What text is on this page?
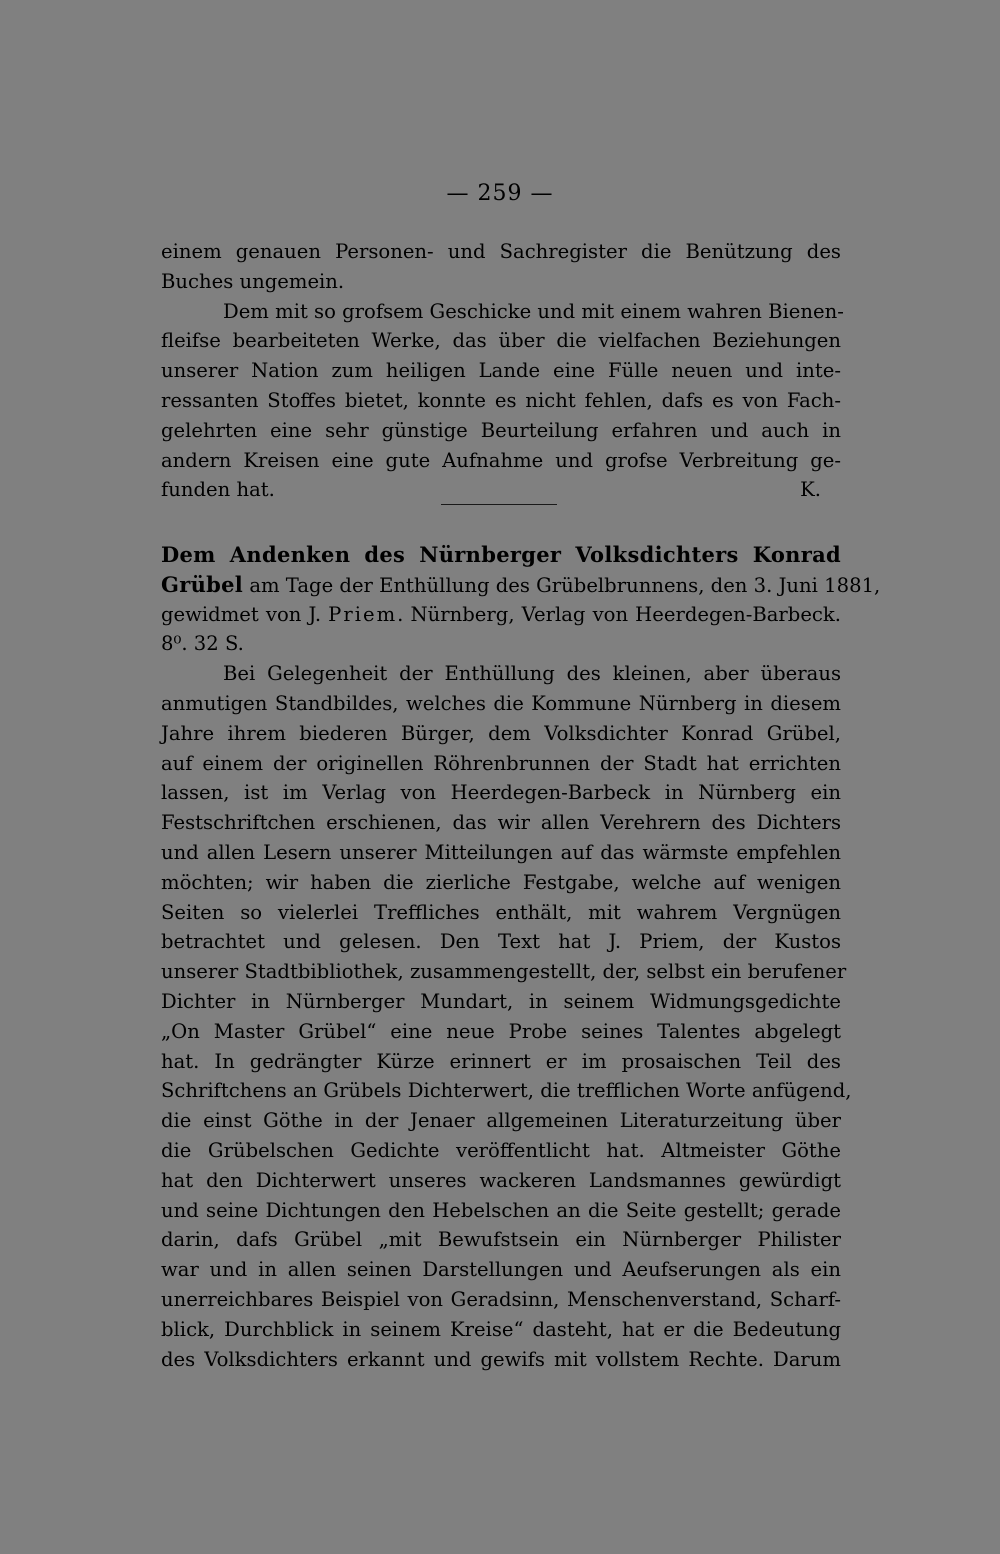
— 259 —
einem genauen Personen- und Sachregister die Benützung des
Buches ungemein.
Dem mit so grofsem Geschicke und mit einem wahren Bienen-
fleifse bearbeiteten Werke, das über die vielfachen Beziehungen
unserer Nation zum heiligen Lande eine Fülle neuen und inte-
ressanten Stoffes bietet, konnte es nicht fehlen, dafs es von Fach-
gelehrten eine sehr günstige Beurteilung erfahren und auch in
andern Kreisen eine gute Aufnahme und grofse Verbreitung ge-
funden hat.	K.
Dem Andenken des Nürnberger Volksdichters Konrad
Grübel am Tage der Enthüllung des Grübelbrunnens, den 3. Juni 1881,
gewidmet von J. Priem. Nürnberg, Verlag von Heerdegen-Barbeck.
8⁰. 32 S.
Bei Gelegenheit der Enthüllung des kleinen, aber überaus
anmutigen Standbildes, welches die Kommune Nürnberg in diesem
Jahre ihrem biederen Bürger, dem Volksdichter Konrad Grübel,
auf einem der originellen Röhrenbrunnen der Stadt hat errichten
lassen, ist im Verlag von Heerdegen-Barbeck in Nürnberg ein
Festschriftchen erschienen, das wir allen Verehrern des Dichters
und allen Lesern unserer Mitteilungen auf das wärmste empfehlen
möchten; wir haben die zierliche Festgabe, welche auf wenigen
Seiten so vielerlei Treffliches enthält, mit wahrem Vergnügen
betrachtet und gelesen. Den Text hat J. Priem, der Kustos
unserer Stadtbibliothek, zusammengestellt, der, selbst ein berufener
Dichter in Nürnberger Mundart, in seinem Widmungsgedichte
„On Master Grübel“ eine neue Probe seines Talentes abgelegt
hat. In gedrängter Kürze erinnert er im prosaischen Teil des
Schriftchens an Grübels Dichterwert, die trefflichen Worte anfügend,
die einst Göthe in der Jenaer allgemeinen Literaturzeitung über
die Grübelschen Gedichte veröffentlicht hat. Altmeister Göthe
hat den Dichterwert unseres wackeren Landsmannes gewürdigt
und seine Dichtungen den Hebelschen an die Seite gestellt; gerade
darin, dafs Grübel „mit Bewufstsein ein Nürnberger Philister
war und in allen seinen Darstellungen und Aeufserungen als ein
unerreichbares Beispiel von Geradsinn, Menschenverstand, Scharf-
blick, Durchblick in seinem Kreise“ dasteht, hat er die Bedeutung
des Volksdichters erkannt und gewifs mit vollstem Rechte. Darum
